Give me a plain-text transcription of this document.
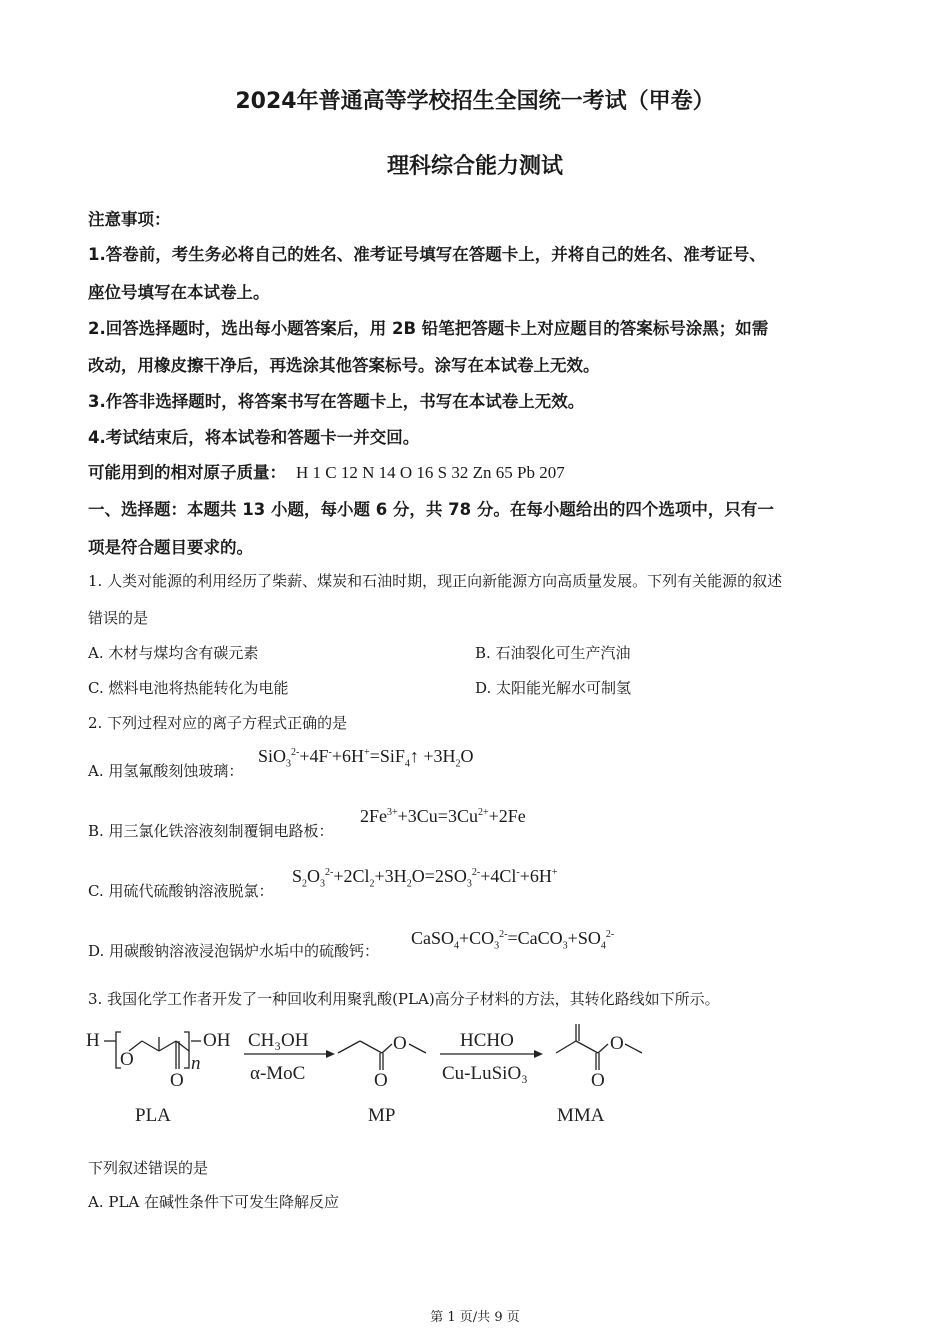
2024年普通高等学校招生全国统一考试（甲卷）
理科综合能力测试
注意事项：
1.答卷前，考生务必将自己的姓名、准考证号填写在答题卡上，并将自己的姓名、准考证号、
座位号填写在本试卷上。
2.回答选择题时，选出每小题答案后，用 2B 铅笔把答题卡上对应题目的答案标号涂黑；如需
改动，用橡皮擦干净后，再选涂其他答案标号。涂写在本试卷上无效。
3.作答非选择题时，将答案书写在答题卡上，书写在本试卷上无效。
4.考试结束后，将本试卷和答题卡一并交回。
可能用到的相对原子质量： H 1 C 12 N 14 O 16 S 32 Zn 65 Pb 207
一、选择题：本题共 13 小题，每小题 6 分，共 78 分。在每小题给出的四个选项中，只有一
项是符合题目要求的。
1. 人类对能源的利用经历了柴薪、煤炭和石油时期，现正向新能源方向高质量发展。下列有关能源的叙述
错误的是
A. 木材与煤均含有碳元素	B. 石油裂化可生产汽油
C. 燃料电池将热能转化为电能	D. 太阳能光解水可制氢
2. 下列过程对应的离子方程式正确的是
A. 用氢氟酸刻蚀玻璃：
SiO$_3^{2-}$+4F-+6H+=SiF$_4$↑ $+3H_2O$
B. 用三氯化铁溶液刻制覆铜电路板：
$2Fe^{3+}+3Cu=3Cu^{2+}+2Fe$
C. 用硫代硫酸钠溶液脱氯：
$S_2O_3^{2-}+2Cl_2+3H_2O=2SO_3^{2-}+4Cl^-+6H^+$
D. 用碳酸钠溶液浸泡锅炉水垢中的硫酸钙：
$CaSO_4+CO_3^{2-}=CaCO_3+SO_4^{2-}$
3. 我国化学工作者开发了一种回收利用聚乳酸(PLA)高分子材料的方法，其转化路线如下所示。
H
O
O
OH
n
CH₃OH
α-MoC
O
O
HCHO
Cu-LuSiO₃
O
O
PLA	MP	MMA
下列叙述错误的是
A. PLA 在碱性条件下可发生降解反应
第 1 页/共 9 页
